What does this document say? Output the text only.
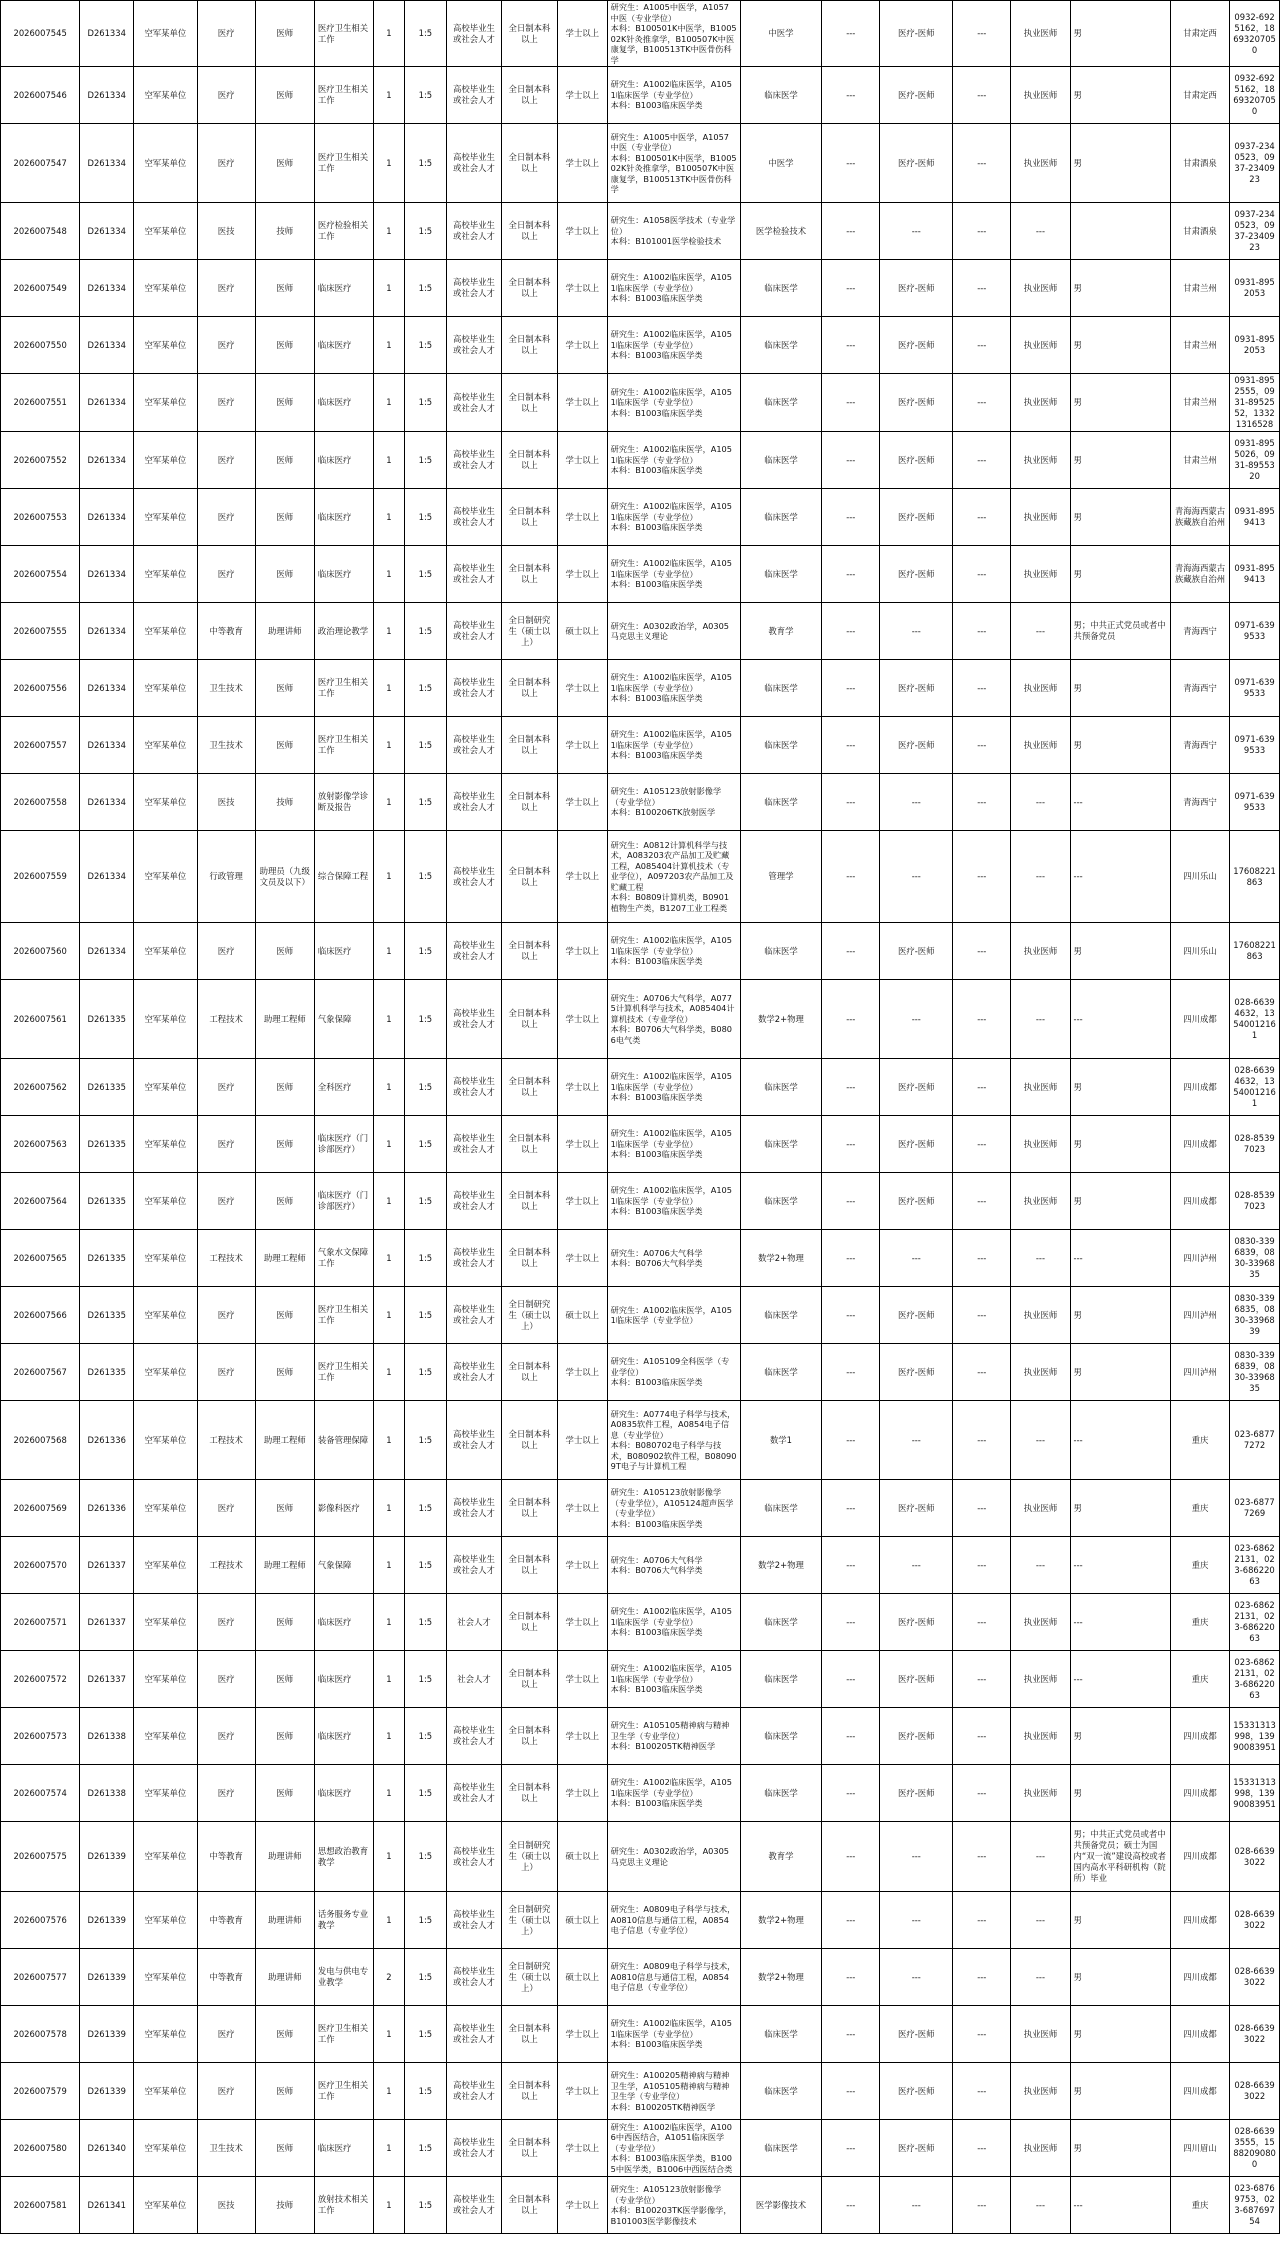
2026007545	D261334	空军某单位	医疗	医师	医疗卫生相关工作	1	1:5	高校毕业生或社会人才	全日制本科以上	学士以上	研究生：A1005中医学，A1057中医（专业学位）
本科：B100501K中医学，B100502K针灸推拿学，B100507K中医康复学，B100513TK中医骨伤科学	中医学	---	医疗-医师	---	执业医师	男	甘肃定西	0932-6925162，18693207050
2026007546	D261334	空军某单位	医疗	医师	医疗卫生相关工作	1	1:5	高校毕业生或社会人才	全日制本科以上	学士以上	研究生：A1002临床医学，A1051临床医学（专业学位）
本科：B1003临床医学类	临床医学	---	医疗-医师	---	执业医师	男	甘肃定西	0932-6925162，18693207050
2026007547	D261334	空军某单位	医疗	医师	医疗卫生相关工作	1	1:5	高校毕业生或社会人才	全日制本科以上	学士以上	研究生：A1005中医学，A1057中医（专业学位）
本科：B100501K中医学，B100502K针灸推拿学，B100507K中医康复学，B100513TK中医骨伤科学	中医学	---	医疗-医师	---	执业医师	男	甘肃酒泉	0937-2340523，0937-2340923
2026007548	D261334	空军某单位	医技	技师	医疗检验相关工作	1	1:5	高校毕业生或社会人才	全日制本科以上	学士以上	研究生：A1058医学技术（专业学位）
本科：B101001医学检验技术	医学检验技术	---	---	---	---		甘肃酒泉	0937-2340523，0937-2340923
2026007549	D261334	空军某单位	医疗	医师	临床医疗	1	1:5	高校毕业生或社会人才	全日制本科以上	学士以上	研究生：A1002临床医学，A1051临床医学（专业学位）
本科：B1003临床医学类	临床医学	---	医疗-医师	---	执业医师	男	甘肃兰州	0931-8952053
2026007550	D261334	空军某单位	医疗	医师	临床医疗	1	1:5	高校毕业生或社会人才	全日制本科以上	学士以上	研究生：A1002临床医学，A1051临床医学（专业学位）
本科：B1003临床医学类	临床医学	---	医疗-医师	---	执业医师	男	甘肃兰州	0931-8952053
2026007551	D261334	空军某单位	医疗	医师	临床医疗	1	1:5	高校毕业生或社会人才	全日制本科以上	学士以上	研究生：A1002临床医学，A1051临床医学（专业学位）
本科：B1003临床医学类	临床医学	---	医疗-医师	---	执业医师	男	甘肃兰州	0931-8952555，0931-8952552，13321316528
2026007552	D261334	空军某单位	医疗	医师	临床医疗	1	1:5	高校毕业生或社会人才	全日制本科以上	学士以上	研究生：A1002临床医学，A1051临床医学（专业学位）
本科：B1003临床医学类	临床医学	---	医疗-医师	---	执业医师	男	甘肃兰州	0931-8955026，0931-8955320
2026007553	D261334	空军某单位	医疗	医师	临床医疗	1	1:5	高校毕业生或社会人才	全日制本科以上	学士以上	研究生：A1002临床医学，A1051临床医学（专业学位）
本科：B1003临床医学类	临床医学	---	医疗-医师	---	执业医师	男	青海海西蒙古族藏族自治州	0931-8959413
2026007554	D261334	空军某单位	医疗	医师	临床医疗	1	1:5	高校毕业生或社会人才	全日制本科以上	学士以上	研究生：A1002临床医学，A1051临床医学（专业学位）
本科：B1003临床医学类	临床医学	---	医疗-医师	---	执业医师	男	青海海西蒙古族藏族自治州	0931-8959413
2026007555	D261334	空军某单位	中等教育	助理讲师	政治理论教学	1	1:5	高校毕业生或社会人才	全日制研究生（硕士以上）	硕士以上	研究生：A0302政治学，A0305马克思主义理论	教育学	---	---	---	---	男；中共正式党员或者中共预备党员	青海西宁	0971-6399533
2026007556	D261334	空军某单位	卫生技术	医师	医疗卫生相关工作	1	1:5	高校毕业生或社会人才	全日制本科以上	学士以上	研究生：A1002临床医学，A1051临床医学（专业学位）
本科：B1003临床医学类	临床医学	---	医疗-医师	---	执业医师	男	青海西宁	0971-6399533
2026007557	D261334	空军某单位	卫生技术	医师	医疗卫生相关工作	1	1:5	高校毕业生或社会人才	全日制本科以上	学士以上	研究生：A1002临床医学，A1051临床医学（专业学位）
本科：B1003临床医学类	临床医学	---	医疗-医师	---	执业医师	男	青海西宁	0971-6399533
2026007558	D261334	空军某单位	医技	技师	放射影像学诊断及报告	1	1:5	高校毕业生或社会人才	全日制本科以上	学士以上	研究生：A105123放射影像学（专业学位）
本科：B100206TK放射医学	临床医学	---	---	---	---	---	青海西宁	0971-6399533
2026007559	D261334	空军某单位	行政管理	助理员（九级文员及以下）	综合保障工程	1	1:5	高校毕业生或社会人才	全日制本科以上	学士以上	研究生：A0812计算机科学与技术，A083203农产品加工及贮藏工程，A085404计算机技术（专业学位），A097203农产品加工及贮藏工程
本科：B0809计算机类，B0901植物生产类，B1207工业工程类	管理学	---	---	---	---	---	四川乐山	17608221863
2026007560	D261334	空军某单位	医疗	医师	临床医疗	1	1:5	高校毕业生或社会人才	全日制本科以上	学士以上	研究生：A1002临床医学，A1051临床医学（专业学位）
本科：B1003临床医学类	临床医学	---	医疗-医师	---	执业医师	男	四川乐山	17608221863
2026007561	D261335	空军某单位	工程技术	助理工程师	气象保障	1	1:5	高校毕业生或社会人才	全日制本科以上	学士以上	研究生：A0706大气科学，A0775计算机科学与技术，A085404计算机技术（专业学位）
本科：B0706大气科学类，B0806电气类	数学2+物理	---	---	---	---	---	四川成都	028-66394632，13540012161
2026007562	D261335	空军某单位	医疗	医师	全科医疗	1	1:5	高校毕业生或社会人才	全日制本科以上	学士以上	研究生：A1002临床医学，A1051临床医学（专业学位）
本科：B1003临床医学类	临床医学	---	医疗-医师	---	执业医师	男	四川成都	028-66394632，13540012161
2026007563	D261335	空军某单位	医疗	医师	临床医疗（门诊部医疗）	1	1:5	高校毕业生或社会人才	全日制本科以上	学士以上	研究生：A1002临床医学，A1051临床医学（专业学位）
本科：B1003临床医学类	临床医学	---	医疗-医师	---	执业医师	男	四川成都	028-85397023
2026007564	D261335	空军某单位	医疗	医师	临床医疗（门诊部医疗）	1	1:5	高校毕业生或社会人才	全日制本科以上	学士以上	研究生：A1002临床医学，A1051临床医学（专业学位）
本科：B1003临床医学类	临床医学	---	医疗-医师	---	执业医师	男	四川成都	028-85397023
2026007565	D261335	空军某单位	工程技术	助理工程师	气象水文保障工作	1	1:5	高校毕业生或社会人才	全日制本科以上	学士以上	研究生：A0706大气科学
本科：B0706大气科学类	数学2+物理	---	---	---	---	---	四川泸州	0830-3396839，0830-3396835
2026007566	D261335	空军某单位	医疗	医师	医疗卫生相关工作	1	1:5	高校毕业生或社会人才	全日制研究生（硕士以上）	硕士以上	研究生：A1002临床医学，A1051临床医学（专业学位）	临床医学	---	医疗-医师	---	执业医师	男	四川泸州	0830-3396835，0830-3396839
2026007567	D261335	空军某单位	医疗	医师	医疗卫生相关工作	1	1:5	高校毕业生或社会人才	全日制本科以上	学士以上	研究生：A105109全科医学（专业学位）
本科：B1003临床医学类	临床医学	---	医疗-医师	---	执业医师	男	四川泸州	0830-3396839，0830-3396835
2026007568	D261336	空军某单位	工程技术	助理工程师	装备管理保障	1	1:5	高校毕业生或社会人才	全日制本科以上	学士以上	研究生：A0774电子科学与技术，A0835软件工程，A0854电子信息（专业学位）
本科：B080702电子科学与技术，B080902软件工程，B080909T电子与计算机工程	数学1	---	---	---	---	---	重庆	023-68777272
2026007569	D261336	空军某单位	医疗	医师	影像科医疗	1	1:5	高校毕业生或社会人才	全日制本科以上	学士以上	研究生：A105123放射影像学（专业学位），A105124超声医学（专业学位）
本科：B1003临床医学类	临床医学	---	医疗-医师	---	执业医师	男	重庆	023-68777269
2026007570	D261337	空军某单位	工程技术	助理工程师	气象保障	1	1:5	高校毕业生或社会人才	全日制本科以上	学士以上	研究生：A0706大气科学
本科：B0706大气科学类	数学2+物理	---	---	---	---	---	重庆	023-68622131，023-68622063
2026007571	D261337	空军某单位	医疗	医师	临床医疗	1	1:5	社会人才	全日制本科以上	学士以上	研究生：A1002临床医学，A1051临床医学（专业学位）
本科：B1003临床医学类	临床医学	---	医疗-医师	---	执业医师	---	重庆	023-68622131，023-68622063
2026007572	D261337	空军某单位	医疗	医师	临床医疗	1	1:5	社会人才	全日制本科以上	学士以上	研究生：A1002临床医学，A1051临床医学（专业学位）
本科：B1003临床医学类	临床医学	---	医疗-医师	---	执业医师	---	重庆	023-68622131，023-68622063
2026007573	D261338	空军某单位	医疗	医师	临床医疗	1	1:5	高校毕业生或社会人才	全日制本科以上	学士以上	研究生：A105105精神病与精神卫生学（专业学位）
本科：B100205TK精神医学	临床医学	---	医疗-医师	---	执业医师	男	四川成都	15331313998，13990083951
2026007574	D261338	空军某单位	医疗	医师	临床医疗	1	1:5	高校毕业生或社会人才	全日制本科以上	学士以上	研究生：A1002临床医学，A1051临床医学（专业学位）
本科：B1003临床医学类	临床医学	---	医疗-医师	---	执业医师	男	四川成都	15331313998，13990083951
2026007575	D261339	空军某单位	中等教育	助理讲师	思想政治教育教学	1	1:5	高校毕业生或社会人才	全日制研究生（硕士以上）	硕士以上	研究生：A0302政治学，A0305马克思主义理论	教育学	---	---	---	---	男；中共正式党员或者中共预备党员；硕士为国内“双一流”建设高校或者国内高水平科研机构（院所）毕业	四川成都	028-66393022
2026007576	D261339	空军某单位	中等教育	助理讲师	话务服务专业教学	1	1:5	高校毕业生或社会人才	全日制研究生（硕士以上）	硕士以上	研究生：A0809电子科学与技术，A0810信息与通信工程，A0854电子信息（专业学位）	数学2+物理	---	---	---	---	男	四川成都	028-66393022
2026007577	D261339	空军某单位	中等教育	助理讲师	发电与供电专业教学	2	1:5	高校毕业生或社会人才	全日制研究生（硕士以上）	硕士以上	研究生：A0809电子科学与技术，A0810信息与通信工程，A0854电子信息（专业学位）	数学2+物理	---	---	---	---	男	四川成都	028-66393022
2026007578	D261339	空军某单位	医疗	医师	医疗卫生相关工作	1	1:5	高校毕业生或社会人才	全日制本科以上	学士以上	研究生：A1002临床医学，A1051临床医学（专业学位）
本科：B1003临床医学类	临床医学	---	医疗-医师	---	执业医师	男	四川成都	028-66393022
2026007579	D261339	空军某单位	医疗	医师	医疗卫生相关工作	1	1:5	高校毕业生或社会人才	全日制本科以上	学士以上	研究生：A100205精神病与精神卫生学，A105105精神病与精神卫生学（专业学位）
本科：B100205TK精神医学	临床医学	---	医疗-医师	---	执业医师	男	四川成都	028-66393022
2026007580	D261340	空军某单位	卫生技术	医师	临床医疗	1	1:5	高校毕业生或社会人才	全日制本科以上	学士以上	研究生：A1002临床医学，A1006中西医结合，A1051临床医学（专业学位）
本科：B1003临床医学类，B1005中医学类，B1006中西医结合类	临床医学	---	医疗-医师	---	执业医师	男	四川眉山	028-66393555，15882090800
2026007581	D261341	空军某单位	医技	技师	放射技术相关工作	1	1:5	高校毕业生或社会人才	全日制本科以上	学士以上	研究生：A105123放射影像学（专业学位）
本科：B100203TK医学影像学，B101003医学影像技术	医学影像技术	---	---	---	---	---	重庆	023-68769753，023-68769754
